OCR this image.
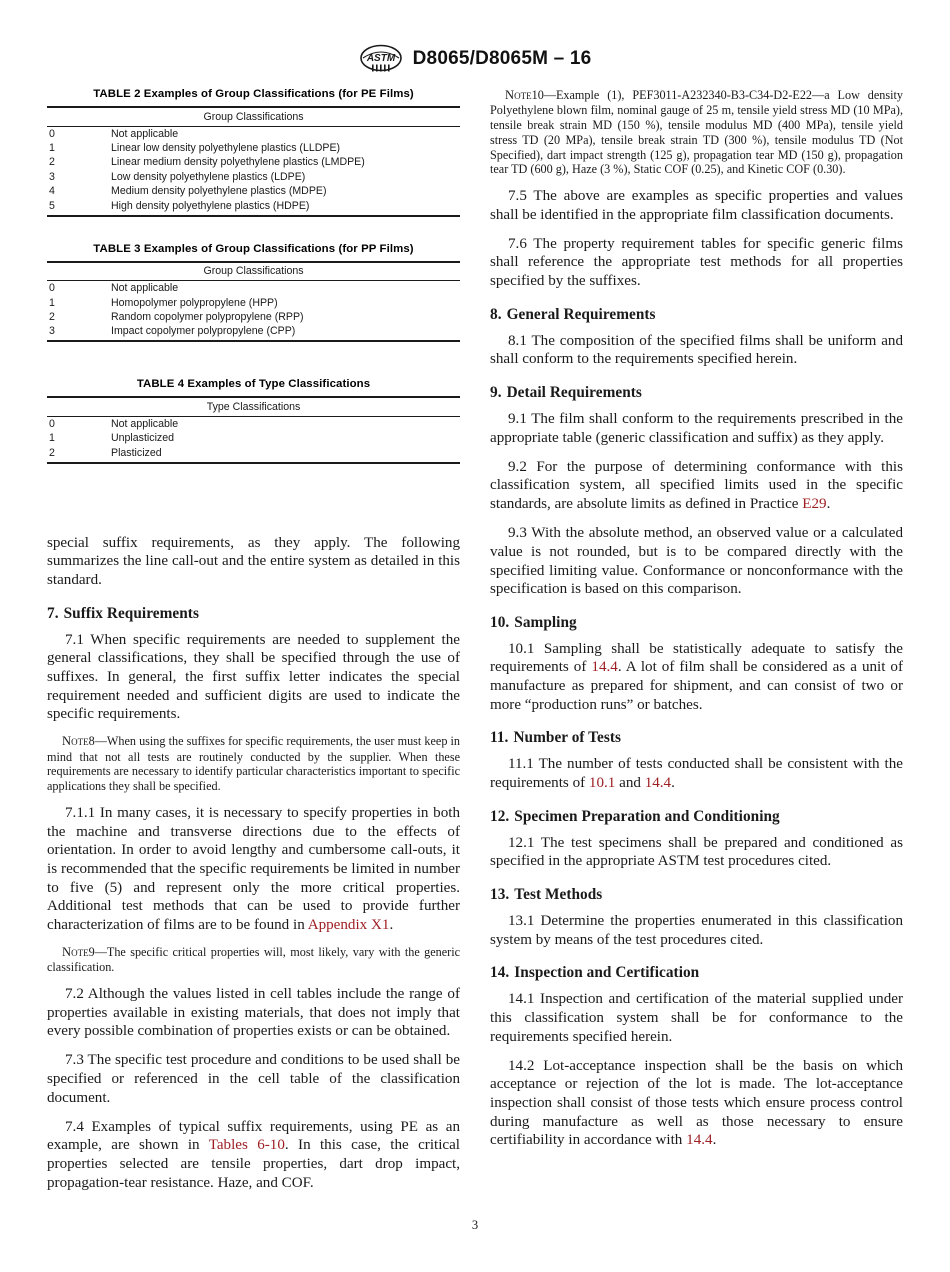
ASTM D8065/D8065M – 16
TABLE 2 Examples of Group Classifications (for PE Films)
Group Classifications	
0	Not applicable
1	Linear low density polyethylene plastics (LLDPE)
2	Linear medium density polyethylene plastics (LMDPE)
3	Low density polyethylene plastics (LDPE)
4	Medium density polyethylene plastics (MDPE)
5	High density polyethylene plastics (HDPE)
TABLE 3 Examples of Group Classifications (for PP Films)
Group Classifications	
0	Not applicable
1	Homopolymer polypropylene (HPP)
2	Random copolymer polypropylene (RPP)
3	Impact copolymer polypropylene (CPP)
TABLE 4 Examples of Type Classifications
Type Classifications	
0	Not applicable
1	Unplasticized
2	Plasticized

special suffix requirements, as they apply. The following summarizes the line call-out and the entire system as detailed in this standard.

7. Suffix Requirements

7.1 When specific requirements are needed to supplement the general classifications, they shall be specified through the use of suffixes. In general, the first suffix letter indicates the special requirement needed and sufficient digits are used to indicate the specific requirements.

Note8—When using the suffixes for specific requirements, the user must keep in mind that not all tests are routinely conducted by the supplier. When these requirements are necessary to identify particular characteristics important to specific applications they shall be specified.

7.1.1 In many cases, it is necessary to specify properties in both the machine and transverse directions due to the effects of orientation. In order to avoid lengthy and cumbersome call-outs, it is recommended that the specific requirements be limited in number to five (5) and represent only the more critical properties. Additional test methods that can be used to provide further characterization of films are to be found in Appendix X1.

Note9—The specific critical properties will, most likely, vary with the generic classification.

7.2 Although the values listed in cell tables include the range of properties available in existing materials, that does not imply that every possible combination of properties exists or can be obtained.

7.3 The specific test procedure and conditions to be used shall be specified or referenced in the cell table of the classification document.

7.4 Examples of typical suffix requirements, using PE as an example, are shown in Tables 6-10. In this case, the critical properties selected are tensile properties, dart drop impact, propagation-tear resistance. Haze, and COF.

Note10—Example (1), PEF3011-A232340-B3-C34-D2-E22—a Low density Polyethylene blown film, nominal gauge of 25 m, tensile yield stress MD (10 MPa), tensile break strain MD (150 %), tensile modulus MD (400 MPa), tensile yield stress TD (20 MPa), tensile break strain TD (300 %), tensile modulus TD (Not Specified), dart impact strength (125 g), propagation tear MD (150 g), propagation tear TD (600 g), Haze (3 %), Static COF (0.25), and Kinetic COF (0.30).

7.5 The above are examples as specific properties and values shall be identified in the appropriate film classification documents.

7.6 The property requirement tables for specific generic films shall reference the appropriate test methods for all properties specified by the suffixes.

8. General Requirements

8.1 The composition of the specified films shall be uniform and shall conform to the requirements specified herein.

9. Detail Requirements

9.1 The film shall conform to the requirements prescribed in the appropriate table (generic classification and suffix) as they apply.

9.2 For the purpose of determining conformance with this classification system, all specified limits used in the specific standards, are absolute limits as defined in Practice E29.

9.3 With the absolute method, an observed value or a calculated value is not rounded, but is to be compared directly with the specified limiting value. Conformance or nonconformance with the specification is based on this comparison.

10. Sampling

10.1 Sampling shall be statistically adequate to satisfy the requirements of 14.4. A lot of film shall be considered as a unit of manufacture as prepared for shipment, and can consist of two or more “production runs” or batches.

11. Number of Tests

11.1 The number of tests conducted shall be consistent with the requirements of 10.1 and 14.4.

12. Specimen Preparation and Conditioning

12.1 The test specimens shall be prepared and conditioned as specified in the appropriate ASTM test procedures cited.

13. Test Methods

13.1 Determine the properties enumerated in this classification system by means of the test procedures cited.

14. Inspection and Certification

14.1 Inspection and certification of the material supplied under this classification system shall be for conformance to the requirements specified herein.

14.2 Lot-acceptance inspection shall be the basis on which acceptance or rejection of the lot is made. The lot-acceptance inspection shall consist of those tests which ensure process control during manufacture as well as those necessary to ensure certifiability in accordance with 14.4.

3
